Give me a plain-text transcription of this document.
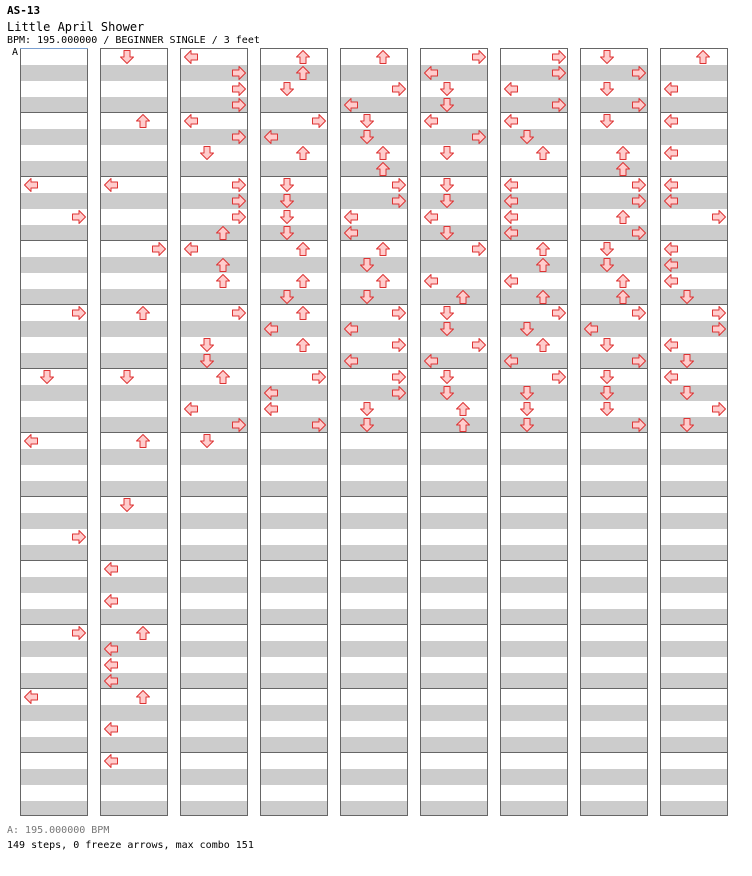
AS-13
Little April Shower
BPM: 195.000000 / BEGINNER SINGLE / 3 feet
A
A: 195.000000 BPM
149 steps, 0 freeze arrows, max combo 151
